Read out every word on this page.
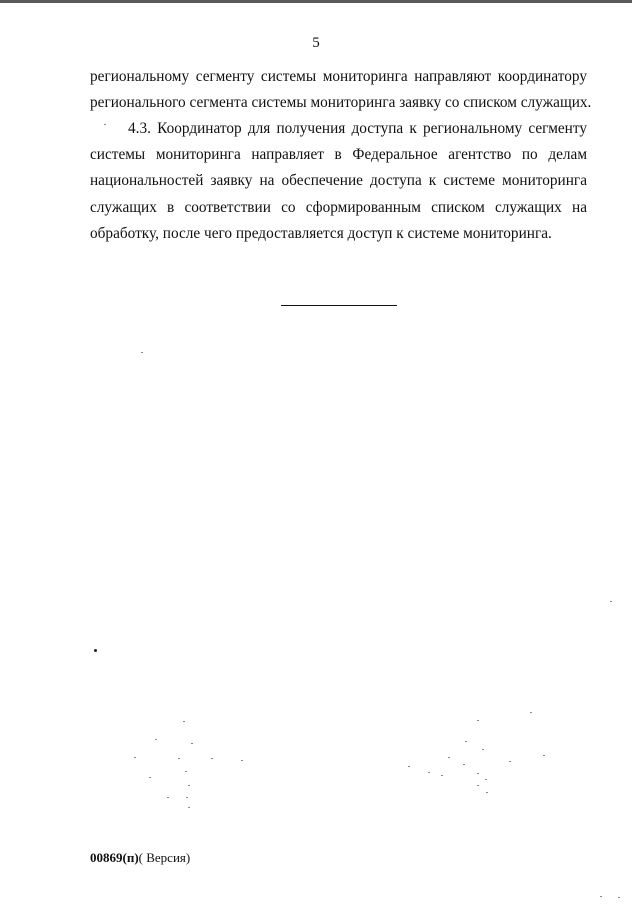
5
региональному сегменту системы мониторинга направляют координатору
регионального сегмента системы мониторинга заявку со списком служащих.
4.3. Координатор для получения доступа к региональному сегменту
системы мониторинга направляет в Федеральное агентство по делам
национальностей заявку на обеспечение доступа к системе мониторинга
служащих в соответствии со сформированным списком служащих на
обработку, после чего предоставляется доступ к системе мониторинга.
00869(п)( Версия)
